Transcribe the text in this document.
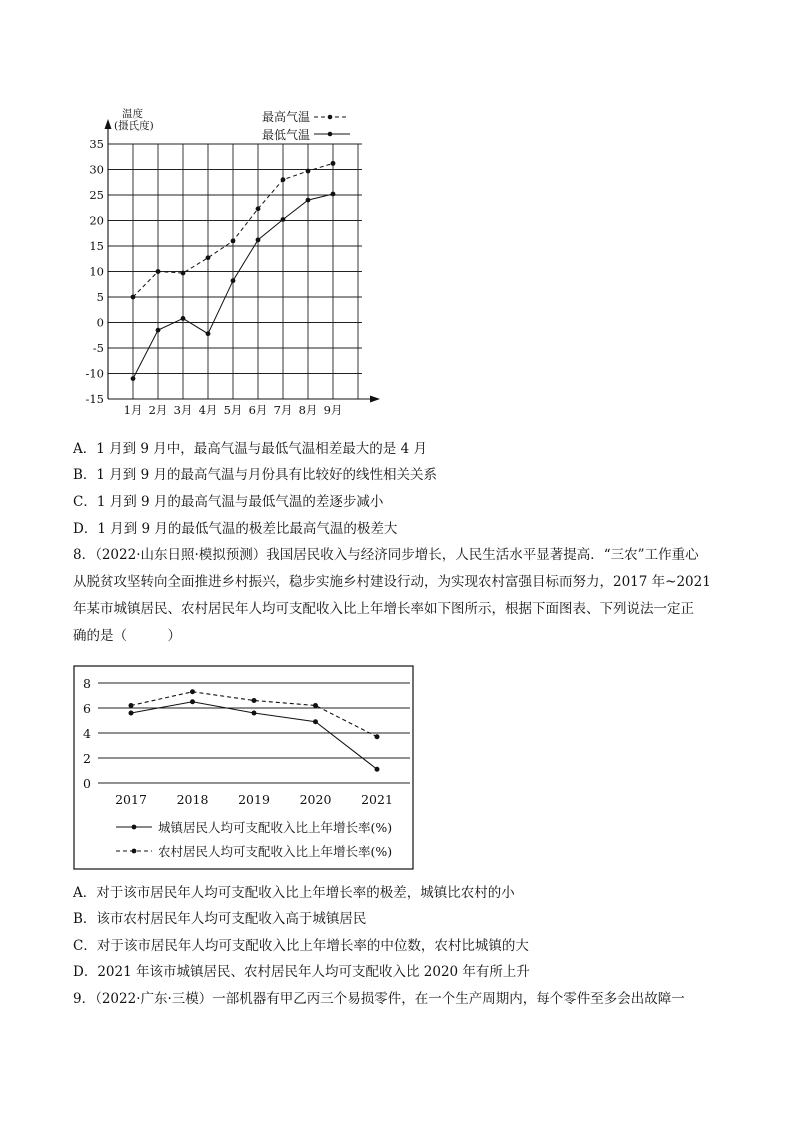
温度
(摄氏度)
35
30
25
20
15
10
5
0
-5
-10
-15
1月 2月 3月 4月 5月 6月 7月 8月 9月
最高气温
最低气温
A．1 月到 9 月中，最高气温与最低气温相差最大的是 4 月
B．1 月到 9 月的最高气温与月份具有比较好的线性相关关系
C．1 月到 9 月的最高气温与最低气温的差逐步减小
D．1 月到 9 月的最低气温的极差比最高气温的极差大
8．（2022·山东日照·模拟预测）我国居民收入与经济同步增长，人民生活水平显著提高．“三农”工作重心
从脱贫攻坚转向全面推进乡村振兴，稳步实施乡村建设行动，为实现农村富强目标而努力，2017 年~2021
年某市城镇居民、农村居民年人均可支配收入比上年增长率如下图所示，根据下面图表、下列说法一定正
确的是（　　　）
8
6
4
2
0
2017 2018 2019 2020 2021
城镇居民人均可支配收入比上年增长率(%)
农村居民人均可支配收入比上年增长率(%)
A．对于该市居民年人均可支配收入比上年增长率的极差，城镇比农村的小
B．该市农村居民年人均可支配收入高于城镇居民
C．对于该市居民年人均可支配收入比上年增长率的中位数，农村比城镇的大
D．2021 年该市城镇居民、农村居民年人均可支配收入比 2020 年有所上升
9．（2022·广东·三模）一部机器有甲乙丙三个易损零件，在一个生产周期内，每个零件至多会出故障一
